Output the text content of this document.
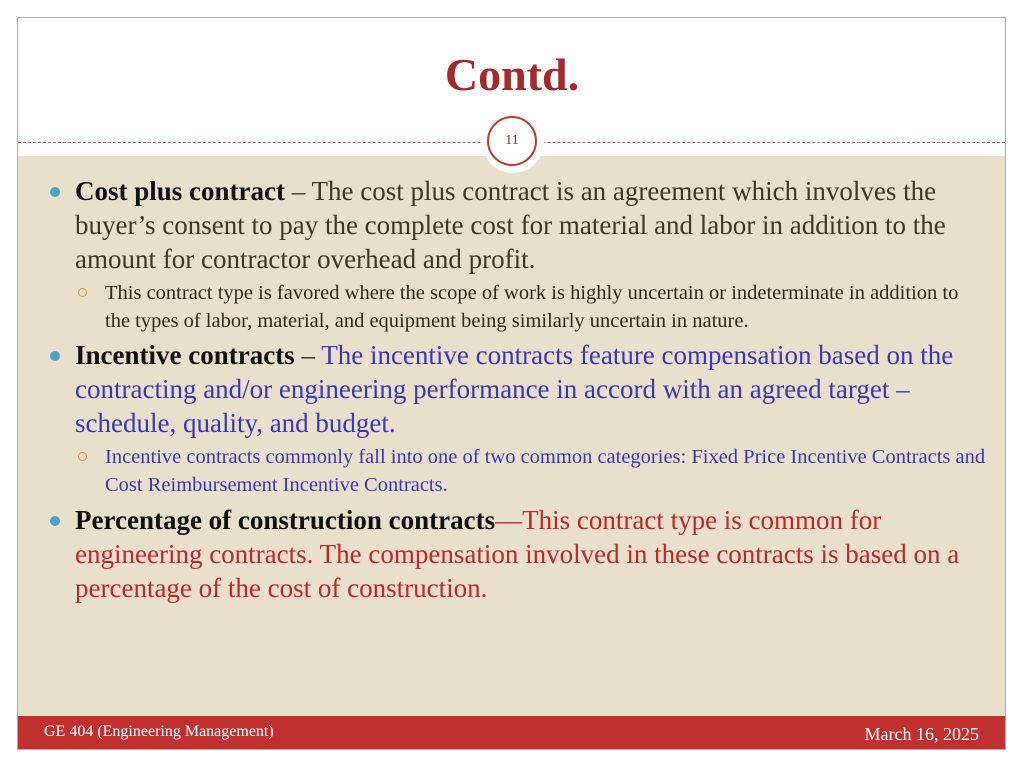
Contd.
11
Cost plus contract – The cost plus contract is an agreement which involves the buyer’s consent to pay the complete cost for material and labor in addition to the amount for contractor overhead and profit.
This contract type is favored where the scope of work is highly uncertain or indeterminate in addition to the types of labor, material, and equipment being similarly uncertain in nature.
Incentive contracts – The incentive contracts feature compensation based on the contracting and/or engineering performance in accord with an agreed target – schedule, quality, and budget.
Incentive contracts commonly fall into one of two common categories: Fixed Price Incentive Contracts and Cost Reimbursement Incentive Contracts.
Percentage of construction contracts—This contract type is common for engineering contracts. The compensation involved in these contracts is based on a percentage of the cost of construction.
GE 404 (Engineering Management)	March 16, 2025
